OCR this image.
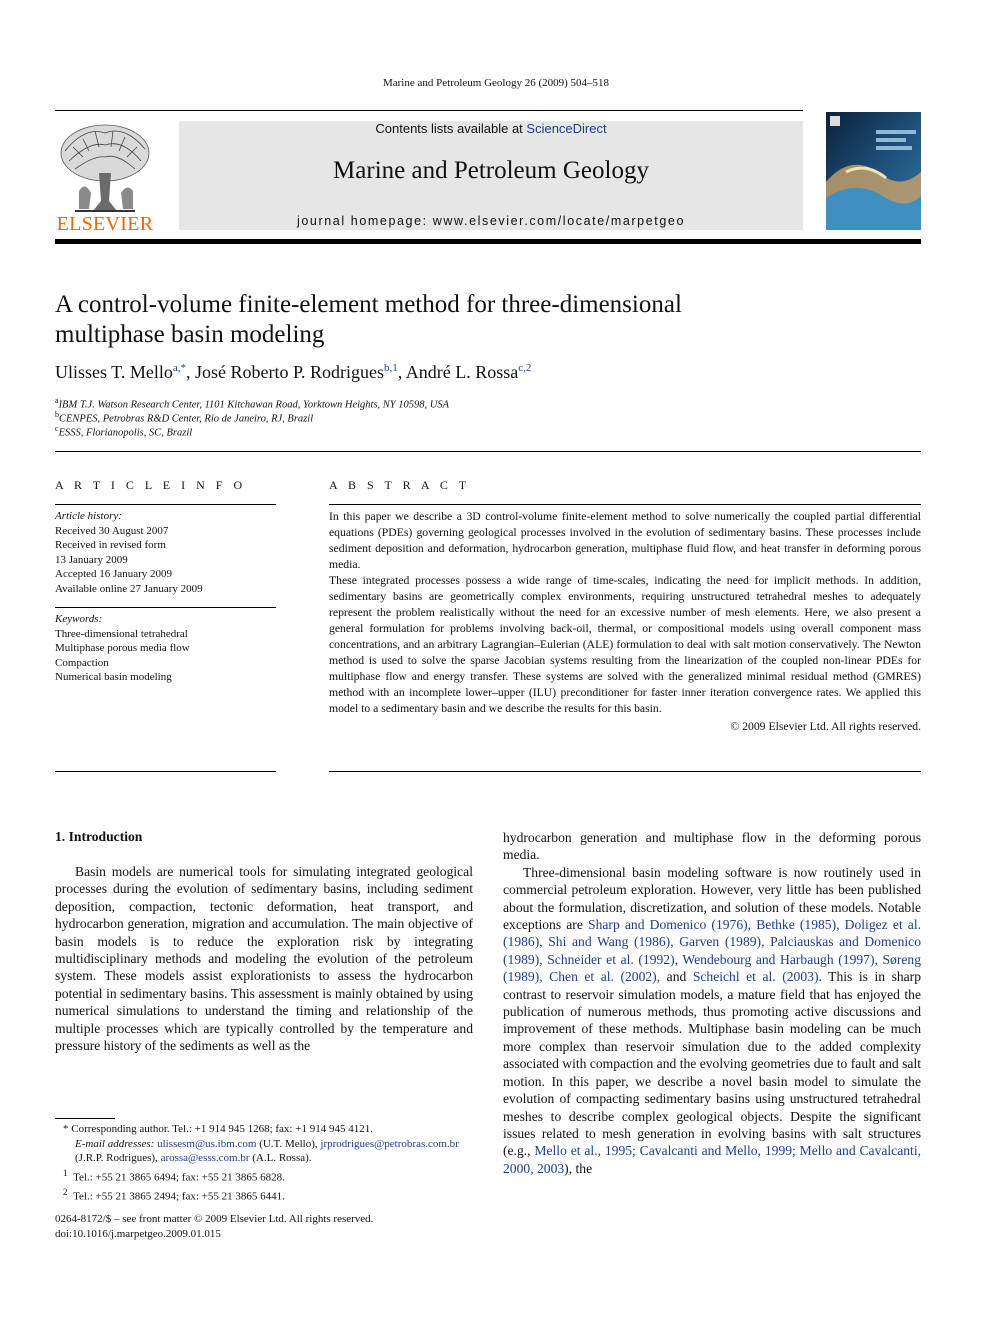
Marine and Petroleum Geology 26 (2009) 504–518
Contents lists available at ScienceDirect
Marine and Petroleum Geology
journal homepage: www.elsevier.com/locate/marpetgeo
ELSEVIER
A control-volume finite-element method for three-dimensional
multiphase basin modeling
Ulisses T. Mello$^{a,*}$, José Roberto P. Rodrigues$^{b,1}$, André L. Rossa$^{c,2}$
$^a$IBM T.J. Watson Research Center, 1101 Kitchawan Road, Yorktown Heights, NY 10598, USA
$^b$CENPES, Petrobras R&D Center, Rio de Janeiro, RJ, Brazil
$^c$ESSS, Florianopolis, SC, Brazil
A R T I C L E I N F O
Article history:
Received 30 August 2007
Received in revised form
13 January 2009
Accepted 16 January 2009
Available online 27 January 2009
Keywords:
Three-dimensional tetrahedral
Multiphase porous media flow
Compaction
Numerical basin modeling
A B S T R A C T

In this paper we describe a 3D control-volume finite-element method to solve numerically the coupled partial differential equations (PDEs) governing geological processes involved in the evolution of sedimentary basins. These processes include sediment deposition and deformation, hydrocarbon generation, multiphase fluid flow, and heat transfer in deforming porous media.

These integrated processes possess a wide range of time-scales, indicating the need for implicit methods. In addition, sedimentary basins are geometrically complex environments, requiring unstructured tetrahedral meshes to adequately represent the problem realistically without the need for an excessive number of mesh elements. Here, we also present a general formulation for problems involving back-oil, thermal, or compositional models using overall component mass concentrations, and an arbitrary Lagrangian–Eulerian (ALE) formulation to deal with salt motion conservatively. The Newton method is used to solve the sparse Jacobian systems resulting from the linearization of the coupled non-linear PDEs for multiphase flow and energy transfer. These systems are solved with the generalized minimal residual method (GMRES) method with an incomplete lower–upper (ILU) preconditioner for faster inner iteration convergence rates. We applied this model to a sedimentary basin and we describe the results for this basin.

© 2009 Elsevier Ltd. All rights reserved.

1. Introduction

Basin models are numerical tools for simulating integrated geological processes during the evolution of sedimentary basins, including sediment deposition, compaction, tectonic deformation, heat transport, and hydrocarbon generation, migration and accumulation. The main objective of basin models is to reduce the exploration risk by integrating multidisciplinary methods and modeling the evolution of the petroleum system. These models assist explorationists to assess the hydrocarbon potential in sedimentary basins. This assessment is mainly obtained by using numerical simulations to understand the timing and relationship of the multiple processes which are typically controlled by the temperature and pressure history of the sediments as well as the

hydrocarbon generation and multiphase flow in the deforming porous media.

Three-dimensional basin modeling software is now routinely used in commercial petroleum exploration. However, very little has been published about the formulation, discretization, and solution of these models. Notable exceptions are Sharp and Domenico (1976), Bethke (1985), Doligez et al. (1986), Shi and Wang (1986), Garven (1989), Palciauskas and Domenico (1989), Schneider et al. (1992), Wendebourg and Harbaugh (1997), Søreng (1989), Chen et al. (2002), and Scheichl et al. (2003). This is in sharp contrast to reservoir simulation models, a mature field that has enjoyed the publication of numerous methods, thus promoting active discussions and improvement of these methods. Multiphase basin modeling can be much more complex than reservoir simulation due to the added complexity associated with compaction and the evolving geometries due to fault and salt motion. In this paper, we describe a novel basin model to simulate the evolution of compacting sedimentary basins using unstructured tetrahedral meshes to describe complex geological objects. Despite the significant issues related to mesh generation in evolving basins with salt structures (e.g., Mello et al., 1995; Cavalcanti and Mello, 1999; Mello and Cavalcanti, 2000, 2003), the

* Corresponding author. Tel.: +1 914 945 1268; fax: +1 914 945 4121.
E-mail addresses: ulissesm@us.ibm.com (U.T. Mello), jrprodrigues@petrobras.com.br (J.R.P. Rodrigues), arossa@esss.com.br (A.L. Rossa).
$^1$ Tel.: +55 21 3865 6494; fax: +55 21 3865 6828.
$^2$ Tel.: +55 21 3865 2494; fax: +55 21 3865 6441.
0264-8172/$ – see front matter © 2009 Elsevier Ltd. All rights reserved.
doi:10.1016/j.marpetgeo.2009.01.015
